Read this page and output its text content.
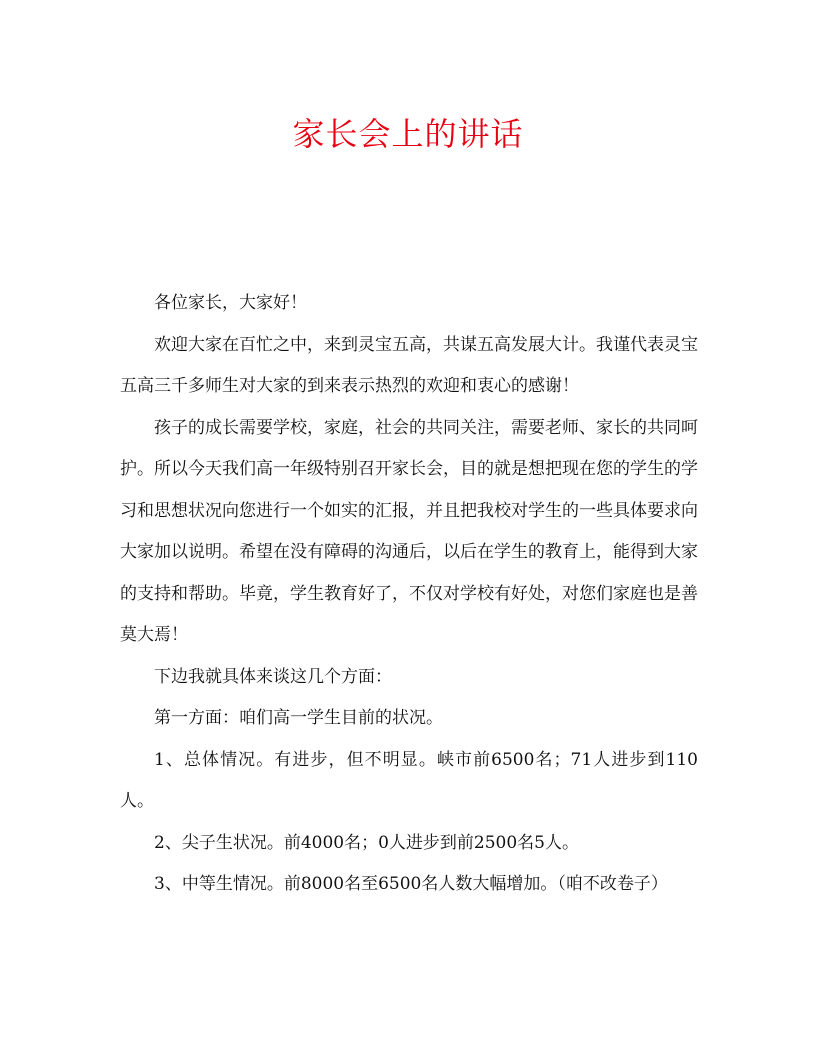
家长会上的讲话

各位家长，大家好！

欢迎大家在百忙之中，来到灵宝五高，共谋五高发展大计。我谨代表灵宝五高三千多师生对大家的到来表示热烈的欢迎和衷心的感谢！

孩子的成长需要学校，家庭，社会的共同关注，需要老师、家长的共同呵护。所以今天我们高一年级特别召开家长会，目的就是想把现在您的学生的学习和思想状况向您进行一个如实的汇报，并且把我校对学生的一些具体要求向大家加以说明。希望在没有障碍的沟通后，以后在学生的教育上，能得到大家的支持和帮助。毕竟，学生教育好了，不仅对学校有好处，对您们家庭也是善莫大焉！

下边我就具体来谈这几个方面：

第一方面：咱们高一学生目前的状况。

1、总体情况。有进步，但不明显。峡市前6500名；71人进步到110人。

2、尖子生状况。前4000名；0人进步到前2500名5人。

3、中等生情况。前8000名至6500名人数大幅增加。（咱不改卷子）
